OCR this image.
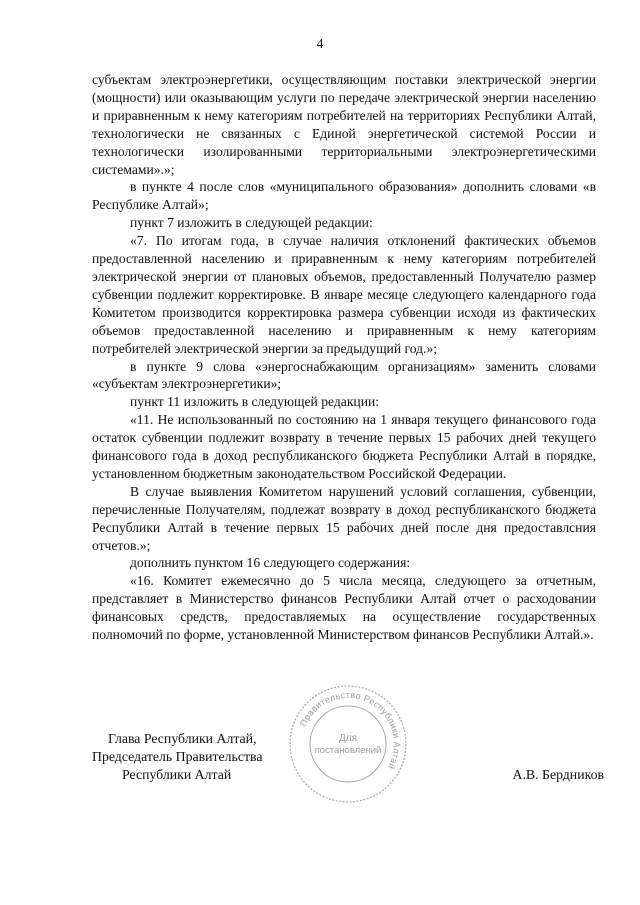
4

субъектам электроэнергетики, осуществляющим поставки электрической энергии (мощности) или оказывающим услуги по передаче электрической энергии населению и приравненным к нему категориям потребителей на территориях Республики Алтай, технологически не связанных с Единой энергетической системой России и технологически изолированными территориальными электроэнергетическими системами».»;

в пункте 4 после слов «муниципального образования» дополнить словами «в Республике Алтай»;

пункт 7 изложить в следующей редакции:

«7. По итогам года, в случае наличия отклонений фактических объемов предоставленной населению и приравненным к нему категориям потребителей электрической энергии от плановых объемов, предоставленный Получателю размер субвенции подлежит корректировке. В январе месяце следующего календарного года Комитетом производится корректировка размера субвенции исходя из фактических объемов предоставленной населению и приравненным к нему категориям потребителей электрической энергии за предыдущий год.»;

в пункте 9 слова «энергоснабжающим организациям» заменить словами «субъектам электроэнергетики»;

пункт 11 изложить в следующей редакции:

«11. Не использованный по состоянию на 1 января текущего финансового года остаток субвенции подлежит возврату в течение первых 15 рабочих дней текущего финансового года в доход республиканского бюджета Республики Алтай в порядке, установленном бюджетным законодательством Российской Федерации.

В случае выявления Комитетом нарушений условий соглашения, субвенции, перечисленные Получателям, подлежат возврату в доход республиканского бюджета Республики Алтай в течение первых 15 рабочих дней после дня предоставлсния отчетов.»;

дополнить пунктом 16 следующего содержания:

«16. Комитет ежемесячно до 5 числа месяца, следующего за отчетным, представляет в Министерство финансов Республики Алтай отчет о расходовании финансовых средств, предоставляемых на осуществление государственных полномочий по форме, установленной Министерством финансов Республики Алтай.».

Правительство Республики Алтай
Для
постановлений
Глава Республики Алтай,
Председатель Правительства
Республики Алтай	А.В. Бердников
